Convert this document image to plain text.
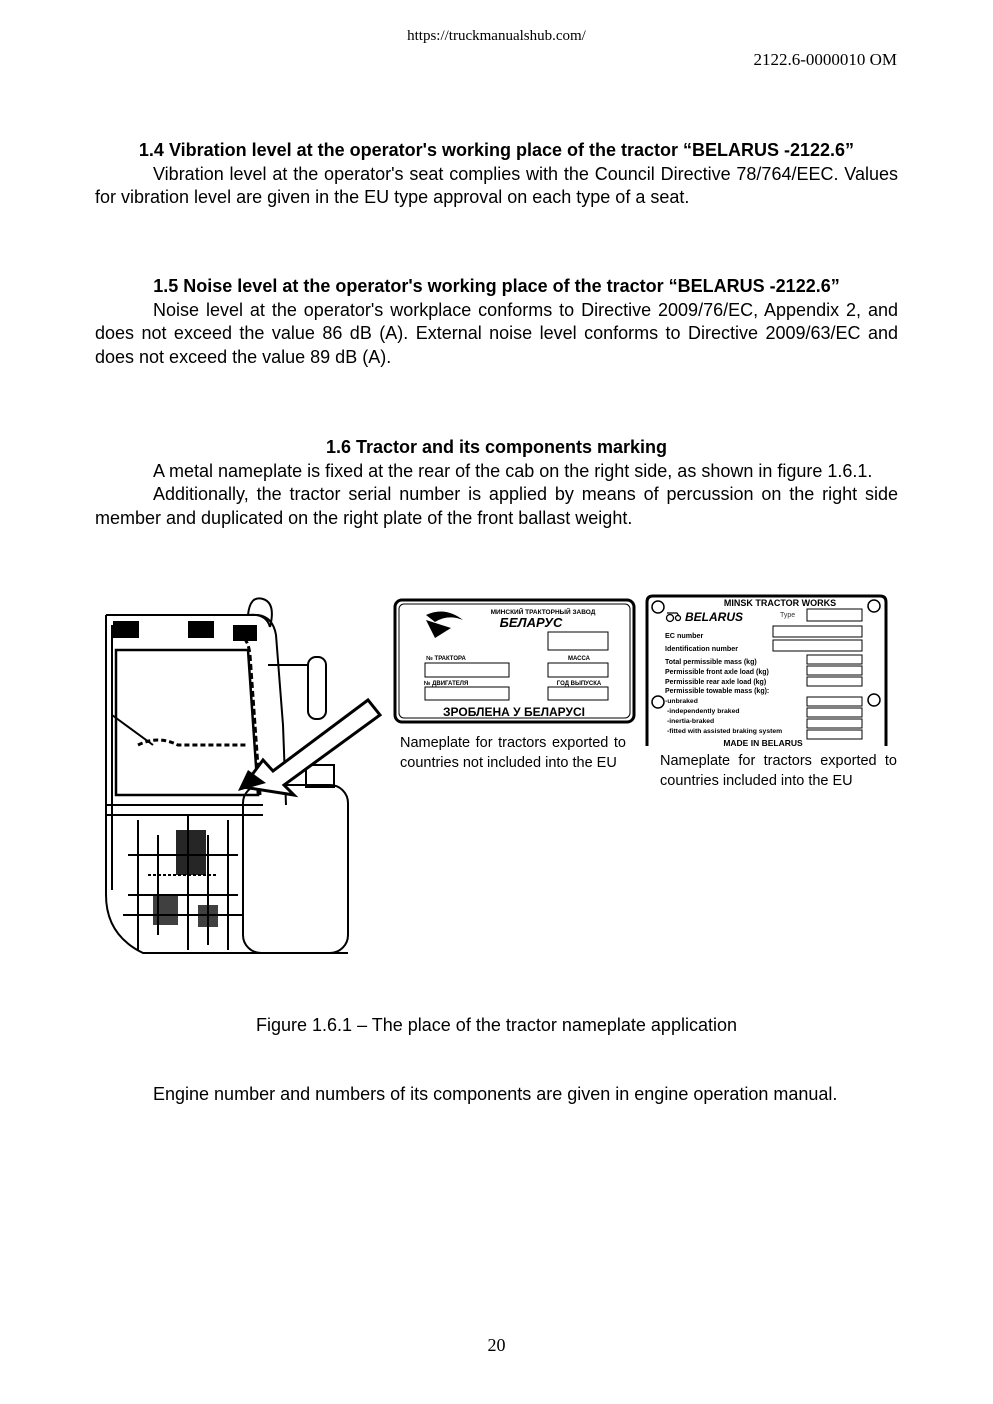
https://truckmanualshub.com/
2122.6-0000010 OM
1.4 Vibration level at the operator's working place of the tractor “BELARUS -2122.6”

Vibration level at the operator's seat complies with the Council Directive 78/764/EEC. Values for vibration level are given in the EU type approval on each type of a seat.

1.5 Noise level at the operator's working place of the tractor “BELARUS -2122.6”

Noise level at the operator's workplace conforms to Directive 2009/76/EC, Appendix 2, and does not exceed the value 86 dB (A). External noise level conforms to Directive 2009/63/EC and does not exceed the value 89 dB (A).

1.6 Tractor and its components marking

A metal nameplate is fixed at the rear of the cab on the right side, as shown in figure 1.6.1.

Additionally, the tractor serial number is applied by means of percussion on the right side member and duplicated on the right plate of the front ballast weight.

МИНСКИЙ ТРАКТОРНЫЙ ЗАВОД
БЕЛАРУС
№ ТРАКТОРА	МАССА
№ ДВИГАТЕЛЯ	ГОД ВЫПУСКА
ЗРОБЛЕНА У БЕЛАРУСІ
Nameplate for tractors exported to countries not included into the EU
MINSK TRACTOR WORKS
BELARUS	Type
EC number
Identification number
Total permissible mass (kg)
Permissible front axle load (kg)
Permissible rear axle load (kg)
Permissible towable mass (kg):
-unbraked
-independently braked
-inertia-braked
-fitted with assisted braking system
MADE IN BELARUS
Nameplate for tractors exported to countries included into the EU
Figure 1.6.1 – The place of the tractor nameplate application

Engine number and numbers of its components are given in engine operation manual.

20
